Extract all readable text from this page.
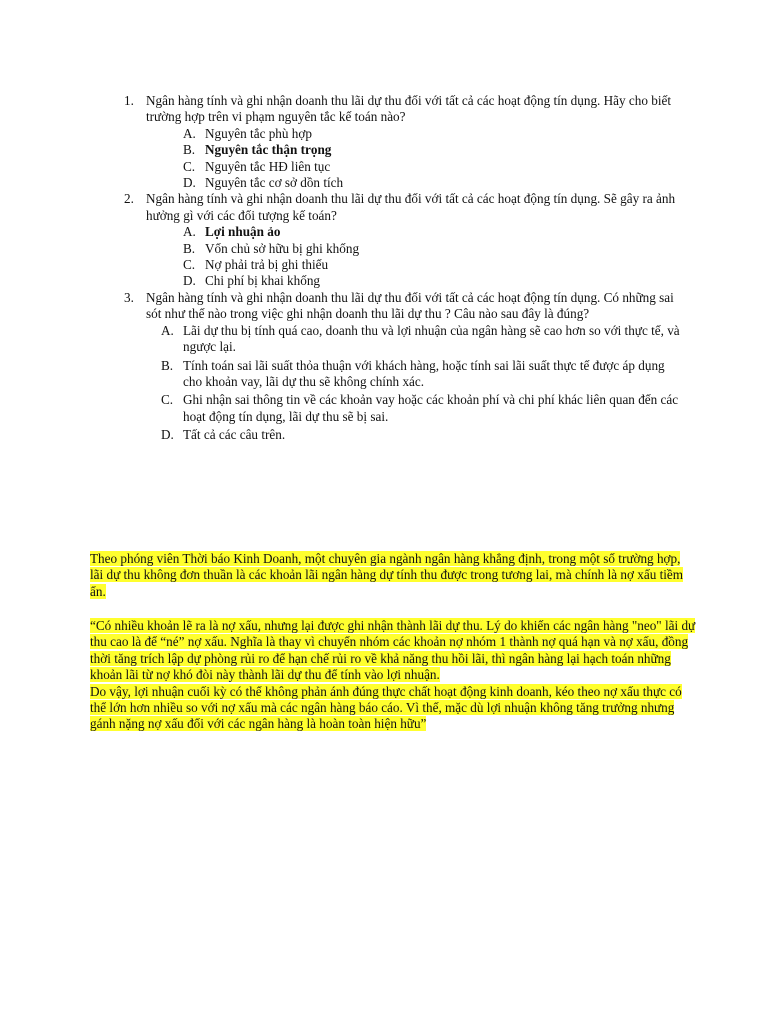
1. Ngân hàng tính và ghi nhận doanh thu lãi dự thu đối với tất cả các hoạt động tín dụng. Hãy cho biết trường hợp trên vi phạm nguyên tắc kế toán nào?
A. Nguyên tắc phù hợp
B. Nguyên tắc thận trọng
C. Nguyên tắc HĐ liên tục
D. Nguyên tắc cơ sở dồn tích
2. Ngân hàng tính và ghi nhận doanh thu lãi dự thu đối với tất cả các hoạt động tín dụng. Sẽ gây ra ảnh hưởng gì với các đối tượng kế toán?
A. Lợi nhuận ảo
B. Vốn chủ sở hữu bị ghi khống
C. Nợ phải trả bị ghi thiếu
D. Chi phí bị khai khống
3. Ngân hàng tính và ghi nhận doanh thu lãi dự thu đối với tất cả các hoạt động tín dụng. Có những sai sót như thế nào trong việc ghi nhận doanh thu lãi dự thu ? Câu nào sau đây là đúng?
A. Lãi dự thu bị tính quá cao, doanh thu và lợi nhuận của ngân hàng sẽ cao hơn so với thực tế, và ngược lại.
B. Tính toán sai lãi suất thỏa thuận với khách hàng, hoặc tính sai lãi suất thực tế được áp dụng cho khoản vay, lãi dự thu sẽ không chính xác.
C. Ghi nhận sai thông tin về các khoản vay hoặc các khoản phí và chi phí khác liên quan đến các hoạt động tín dụng, lãi dự thu sẽ bị sai.
D. Tất cả các câu trên.
Theo phóng viên Thời báo Kinh Doanh, một chuyên gia ngành ngân hàng khẳng định, trong một số trường hợp, lãi dự thu không đơn thuần là các khoản lãi ngân hàng dự tính thu được trong tương lai, mà chính là nợ xấu tiềm ẩn.
“Có nhiều khoản lẽ ra là nợ xấu, nhưng lại được ghi nhận thành lãi dự thu. Lý do khiến các ngân hàng "neo" lãi dự thu cao là để “né” nợ xấu. Nghĩa là thay vì chuyển nhóm các khoản nợ nhóm 1 thành nợ quá hạn và nợ xấu, đồng thời tăng trích lập dự phòng rủi ro để hạn chế rủi ro về khả năng thu hồi lãi, thì ngân hàng lại hạch toán những khoản lãi từ nợ khó đòi này thành lãi dự thu để tính vào lợi nhuận.
Do vậy, lợi nhuận cuối kỳ có thể không phản ánh đúng thực chất hoạt động kinh doanh, kéo theo nợ xấu thực có thể lớn hơn nhiều so với nợ xấu mà các ngân hàng báo cáo. Vì thế, mặc dù lợi nhuận không tăng trưởng nhưng gánh nặng nợ xấu đối với các ngân hàng là hoàn toàn hiện hữu”
